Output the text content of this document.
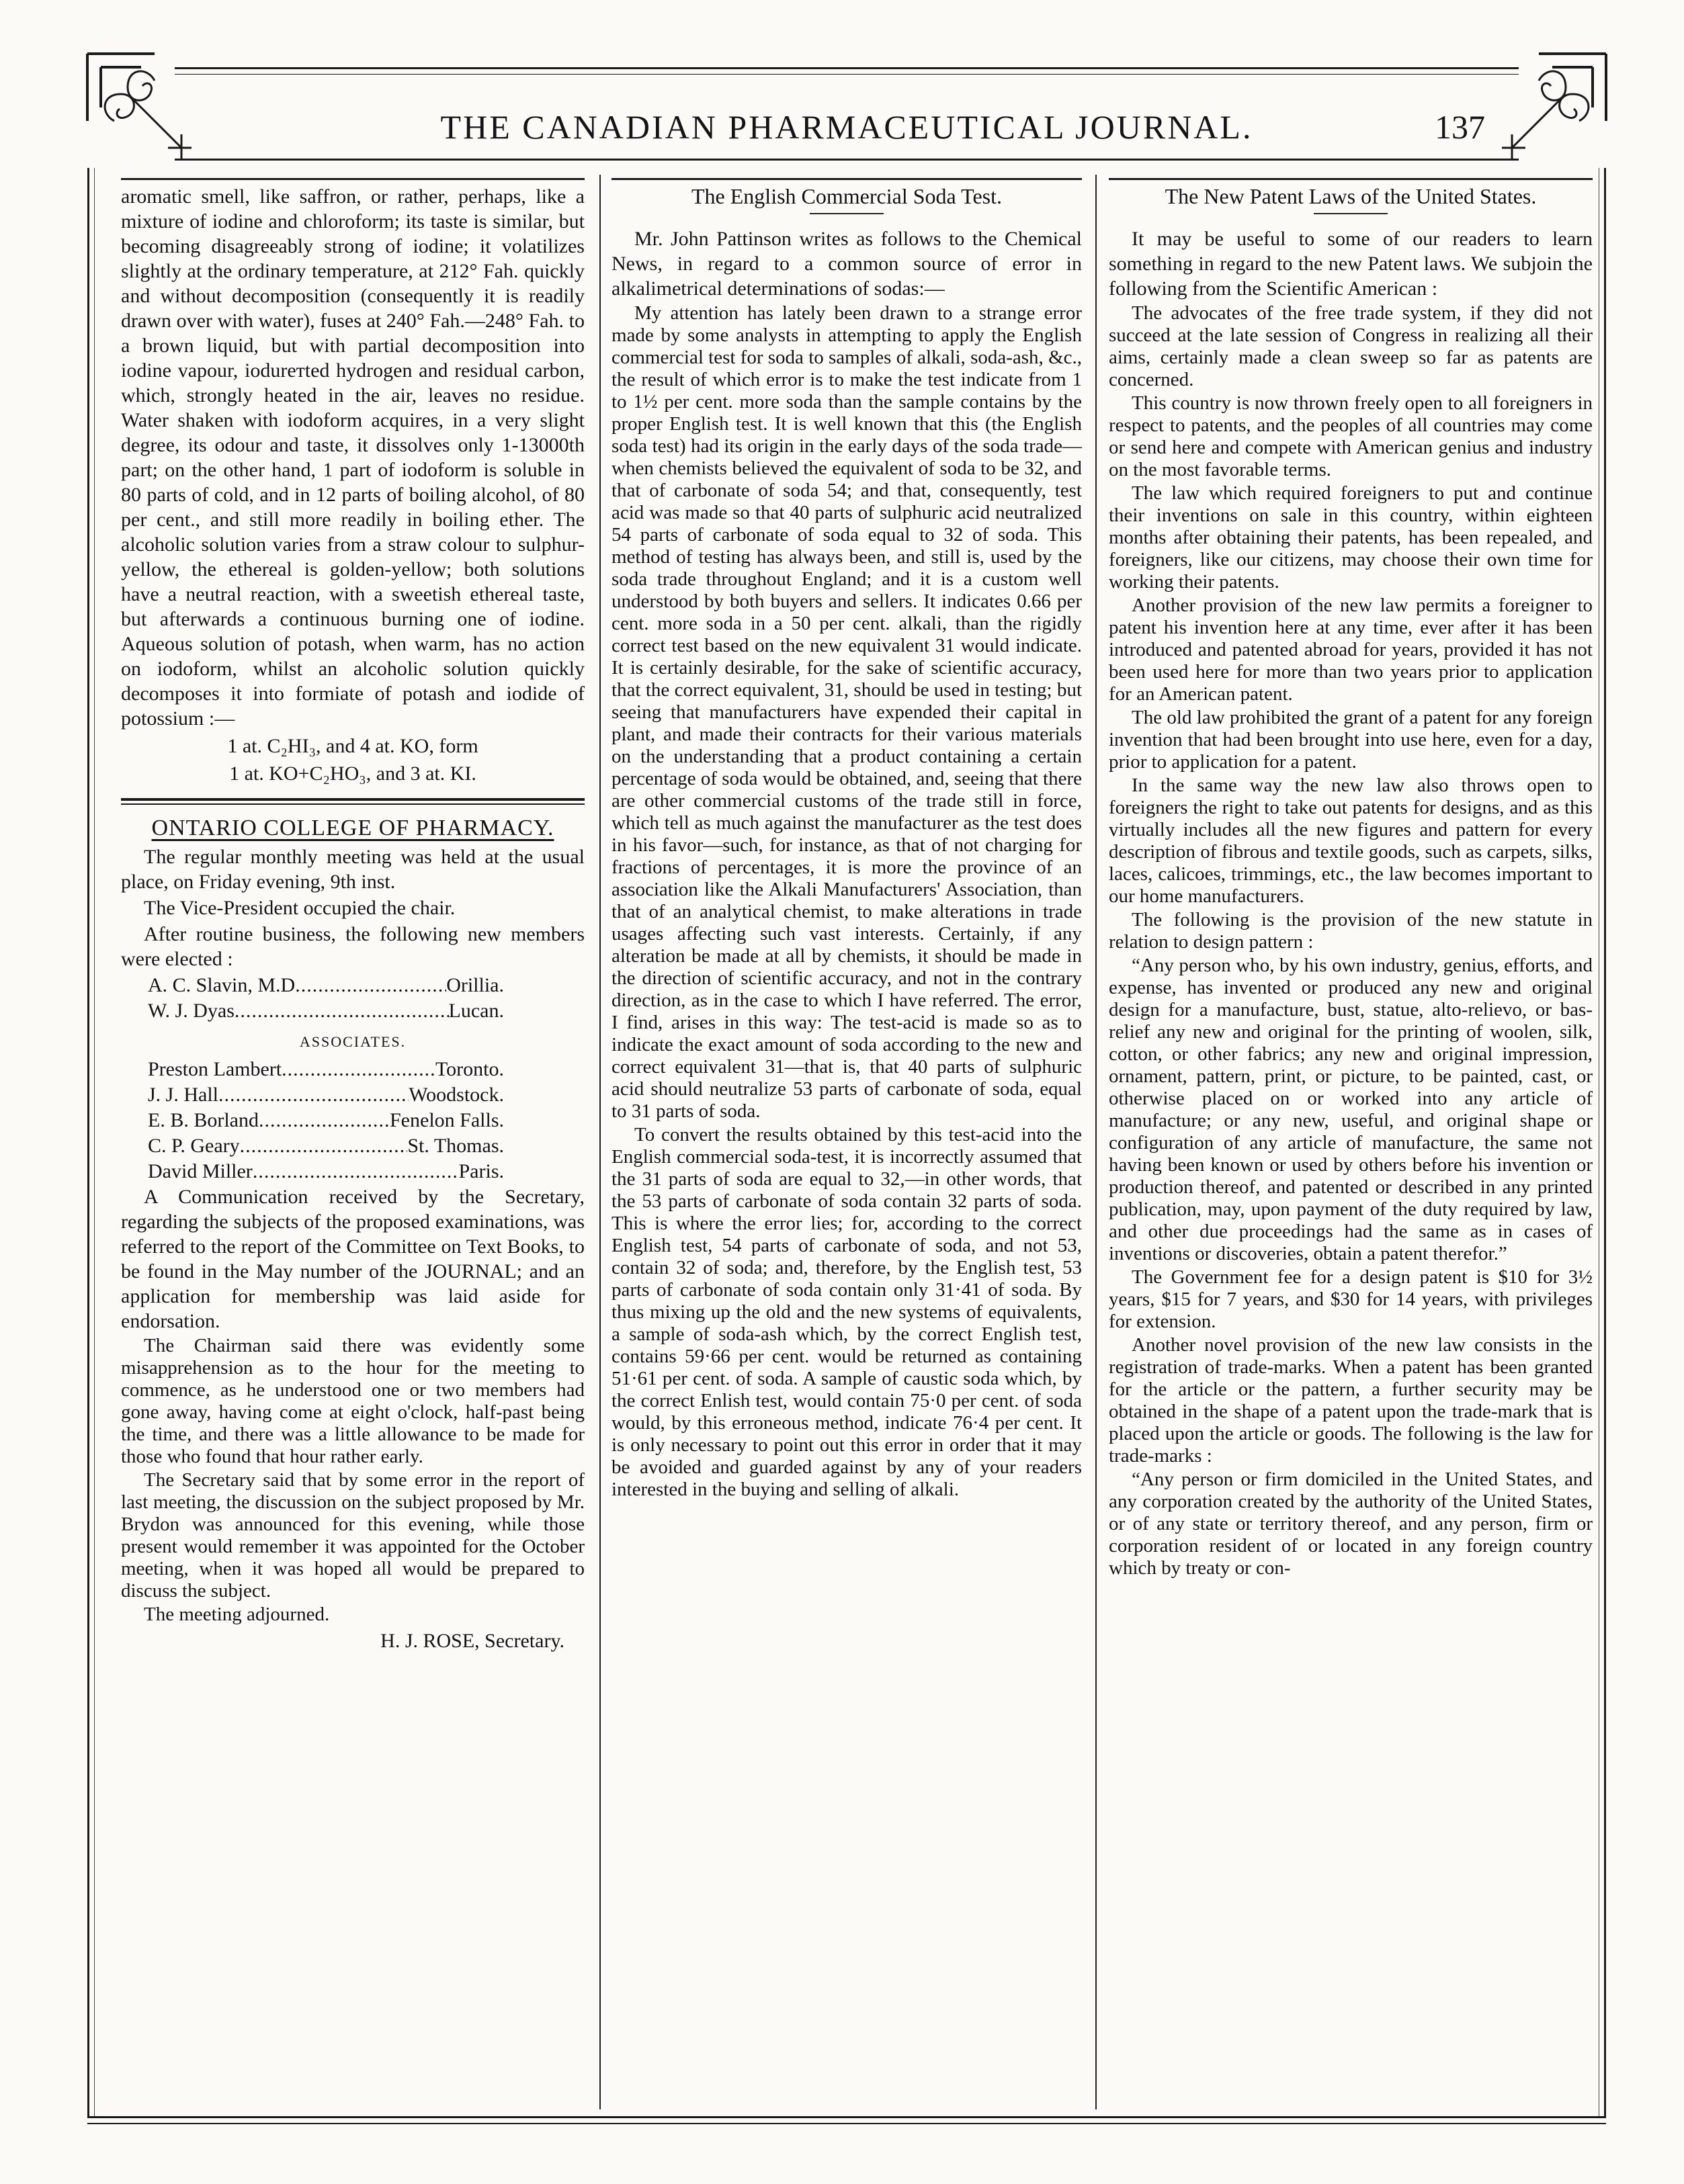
THE CANADIAN PHARMACEUTICAL JOURNAL.	137

aromatic smell, like saffron, or rather, perhaps, like a mixture of iodine and chloroform; its taste is similar, but becoming disagreeably strong of iodine; it volatilizes slightly at the ordinary temperature, at 212° Fah. quickly and without decomposition (consequently it is readily drawn over with water), fuses at 240° Fah.—248° Fah. to a brown liquid, but with partial decomposition into iodine vapour, iodurетted hydrogen and residual carbon, which, strongly heated in the air, leaves no residue. Water shaken with iodoform acquires, in a very slight degree, its odour and taste, it dissolves only 1-13000th part; on the other hand, 1 part of iodoform is soluble in 80 parts of cold, and in 12 parts of boiling alcohol, of 80 per cent., and still more readily in boiling ether. The alcoholic solution varies from a straw colour to sulphur-yellow, the ethereal is golden-yellow; both solutions have a neutral reaction, with a sweetish ethereal taste, but afterwards a continuous burning one of iodine. Aqueous solution of potash, when warm, has no action on iodoform, whilst an alcoholic solution quickly decomposes it into formiate of potash and iodide of potossium :—

1 at. C₂HI₃, and 4 at. KO, form
1 at. KO+C₂HO₃, and 3 at. KI.
ONTARIO COLLEGE OF PHARMACY.

The regular monthly meeting was held at the usual place, on Friday evening, 9th inst.

The Vice-President occupied the chair.

After routine business, the following new members were elected :

A. C. Slavin, M.D .....	Orillia.
W. J. Dyas .....	Lucan.
ASSOCIATES.
Preston Lambert .....	Toronto.
J. J. Hall .....	Woodstock.
E. B. Borland .....	Fenelon Falls.
C. P. Geary .....	St. Thomas.
David Miller .....	Paris.

A Communication received by the Secretary, regarding the subjects of the proposed examinations, was referred to the report of the Committee on Text Books, to be found in the May number of the JOURNAL; and an application for membership was laid aside for endorsation.

The Chairman said there was evidently some misapprehension as to the hour for the meeting to commence, as he understood one or two members had gone away, having come at eight o'clock, half-past being the time, and there was a little allowance to be made for those who found that hour rather early.

The Secretary said that by some error in the report of last meeting, the discussion on the subject proposed by Mr. Brydon was announced for this evening, while those present would remember it was appointed for the October meeting, when it was hoped all would be prepared to discuss the subject.

The meeting adjourned.

H. J. ROSE, Secretary.
The English Commercial Soda Test.

Mr. John Pattinson writes as follows to the Chemical News, in regard to a common source of error in alkalimetrical determinations of sodas:—

My attention has lately been drawn to a strange error made by some analysts in attempting to apply the English commercial test for soda to samples of alkali, soda-ash, &c., the result of which error is to make the test indicate from 1 to 1½ per cent. more soda than the sample contains by the proper English test. It is well known that this (the English soda test) had its origin in the early days of the soda trade—when chemists believed the equivalent of soda to be 32, and that of carbonate of soda 54; and that, consequently, test acid was made so that 40 parts of sulphuric acid neutralized 54 parts of carbonate of soda equal to 32 of soda. This method of testing has always been, and still is, used by the soda trade throughout England; and it is a custom well understood by both buyers and sellers. It indicates 0.66 per cent. more soda in a 50 per cent. alkali, than the rigidly correct test based on the new equivalent 31 would indicate. It is certainly desirable, for the sake of scientific accuracy, that the correct equivalent, 31, should be used in testing; but seeing that manufacturers have expended their capital in plant, and made their contracts for their various materials on the understanding that a product containing a certain percentage of soda would be obtained, and, seeing that there are other commercial customs of the trade still in force, which tell as much against the manufacturer as the test does in his favor—such, for instance, as that of not charging for fractions of percentages, it is more the province of an association like the Alkali Manufacturers' Association, than that of an analytical chemist, to make alterations in trade usages affecting such vast interests. Certainly, if any alteration be made at all by chemists, it should be made in the direction of scientific accuracy, and not in the contrary direction, as in the case to which I have referred. The error, I find, arises in this way: The test-acid is made so as to indicate the exact amount of soda according to the new and correct equivalent 31—that is, that 40 parts of sulphuric acid should neutralize 53 parts of carbonate of soda, equal to 31 parts of soda.

To convert the results obtained by this test-acid into the English commercial soda-test, it is incorrectly assumed that the 31 parts of soda are equal to 32,—in other words, that the 53 parts of carbonate of soda contain 32 parts of soda. This is where the error lies; for, according to the correct English test, 54 parts of carbonate of soda, and not 53, contain 32 of soda; and, therefore, by the English test, 53 parts of carbonate of soda contain only 31·41 of soda. By thus mixing up the old and the new systems of equivalents, a sample of soda-ash which, by the correct English test, contains 59·66 per cent. would be returned as containing 51·61 per cent. of soda. A sample of caustic soda which, by the correct Enlish test, would contain 75·0 per cent. of soda would, by this erroneous method, indicate 76·4 per cent. It is only necessary to point out this error in order that it may be avoided and guarded against by any of your readers interested in the buying and selling of alkali.

The New Patent Laws of the United States.

It may be useful to some of our readers to learn something in regard to the new Patent laws. We subjoin the following from the Scientific American :

The advocates of the free trade system, if they did not succeed at the late session of Congress in realizing all their aims, certainly made a clean sweep so far as patents are concerned.

This country is now thrown freely open to all foreigners in respect to patents, and the peoples of all countries may come or send here and compete with American genius and industry on the most favorable terms.

The law which required foreigners to put and continue their inventions on sale in this country, within eighteen months after obtaining their patents, has been repealed, and foreigners, like our citizens, may choose their own time for working their patents.

Another provision of the new law permits a foreigner to patent his invention here at any time, ever after it has been introduced and patented abroad for years, provided it has not been used here for more than two years prior to application for an American patent.

The old law prohibited the grant of a patent for any foreign invention that had been brought into use here, even for a day, prior to application for a patent.

In the same way the new law also throws open to foreigners the right to take out patents for designs, and as this virtually includes all the new figures and pattern for every description of fibrous and textile goods, such as carpets, silks, laces, calicoes, trimmings, etc., the law becomes important to our home manufacturers.

The following is the provision of the new statute in relation to design pattern :

“Any person who, by his own industry, genius, efforts, and expense, has invented or produced any new and original design for a manufacture, bust, statue, alto-relievo, or bas-relief any new and original for the printing of woolen, silk, cotton, or other fabrics; any new and original impression, ornament, pattern, print, or picture, to be painted, cast, or otherwise placed on or worked into any article of manufacture; or any new, useful, and original shape or configuration of any article of manufacture, the same not having been known or used by others before his invention or production thereof, and patented or described in any printed publication, may, upon payment of the duty required by law, and other due proceedings had the same as in cases of inventions or discoveries, obtain a patent therefor.”

The Government fee for a design patent is $10 for 3½ years, $15 for 7 years, and $30 for 14 years, with privileges for extension.

Another novel provision of the new law consists in the registration of trade-marks. When a patent has been granted for the article or the pattern, a further security may be obtained in the shape of a patent upon the trade-mark that is placed upon the article or goods. The following is the law for trade-marks :

“Any person or firm domiciled in the United States, and any corporation created by the authority of the United States, or of any state or territory thereof, and any person, firm or corporation resident of or located in any foreign country which by treaty or con-
